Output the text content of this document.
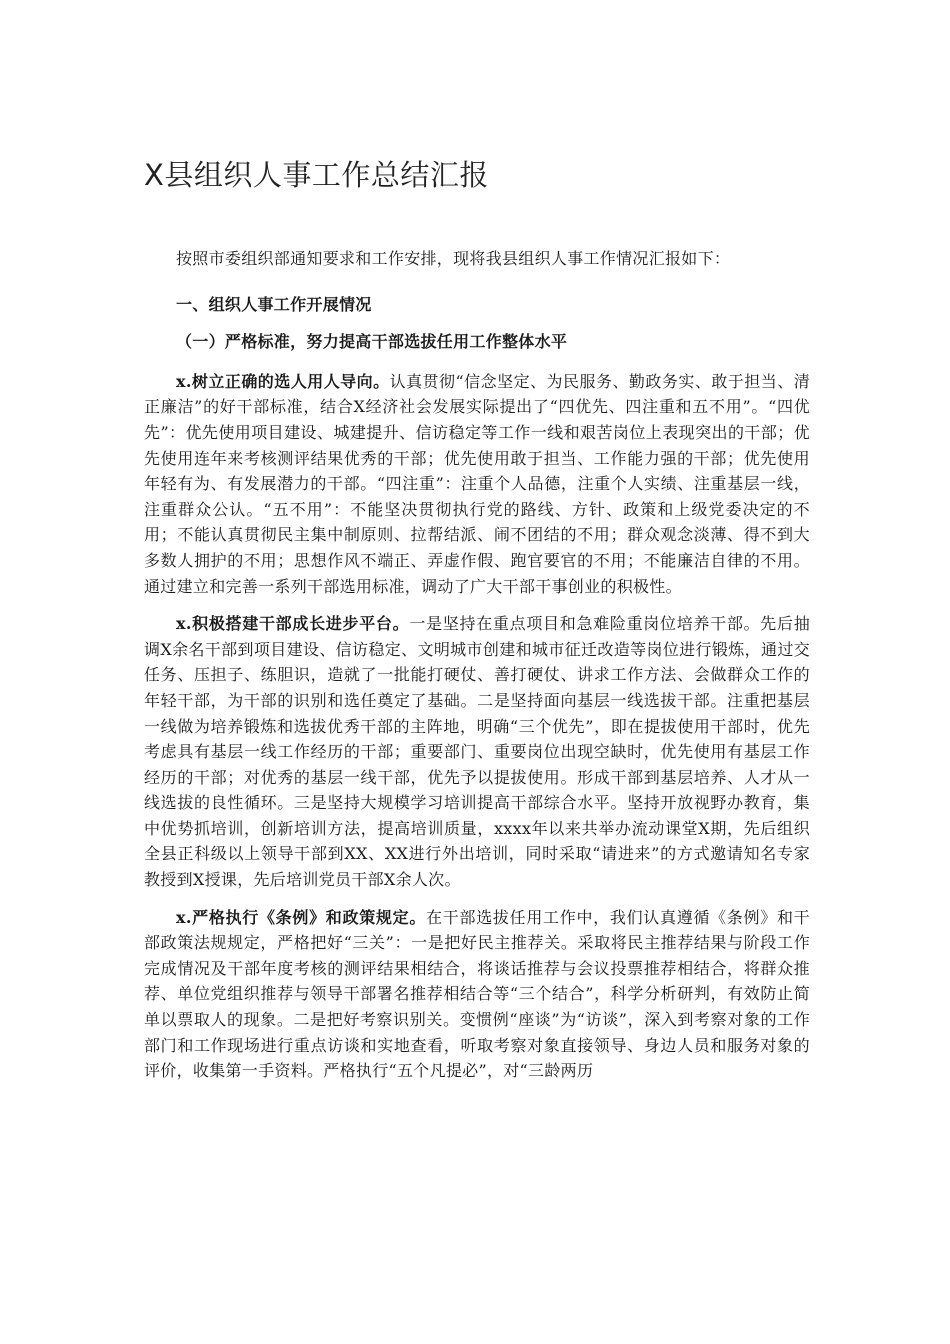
X县组织人事工作总结汇报

按照市委组织部通知要求和工作安排，现将我县组织人事工作情况汇报如下：

一、组织人事工作开展情况
（一）严格标准，努力提高干部选拔任用工作整体水平

x.树立正确的选人用人导向。认真贯彻“信念坚定、为民服务、勤政务实、敢于担当、清正廉洁”的好干部标准，结合X经济社会发展实际提出了“四优先、四注重和五不用”。“四优先”：优先使用项目建设、城建提升、信访稳定等工作一线和艰苦岗位上表现突出的干部；优先使用连年来考核测评结果优秀的干部；优先使用敢于担当、工作能力强的干部；优先使用年轻有为、有发展潜力的干部。“四注重”：注重个人品德，注重个人实绩、注重基层一线，注重群众公认。“五不用”：不能坚决贯彻执行党的路线、方针、政策和上级党委决定的不用；不能认真贯彻民主集中制原则、拉帮结派、闹不团结的不用；群众观念淡薄、得不到大多数人拥护的不用；思想作风不端正、弄虚作假、跑官要官的不用；不能廉洁自律的不用。通过建立和完善一系列干部选用标准，调动了广大干部干事创业的积极性。

x.积极搭建干部成长进步平台。一是坚持在重点项目和急难险重岗位培养干部。先后抽调X余名干部到项目建设、信访稳定、文明城市创建和城市征迁改造等岗位进行锻炼，通过交任务、压担子、练胆识，造就了一批能打硬仗、善打硬仗、讲求工作方法、会做群众工作的年轻干部，为干部的识别和选任奠定了基础。二是坚持面向基层一线选拔干部。注重把基层一线做为培养锻炼和选拔优秀干部的主阵地，明确“三个优先”，即在提拔使用干部时，优先考虑具有基层一线工作经历的干部；重要部门、重要岗位出现空缺时，优先使用有基层工作经历的干部；对优秀的基层一线干部，优先予以提拔使用。形成干部到基层培养、人才从一线选拔的良性循环。三是坚持大规模学习培训提高干部综合水平。坚持开放视野办教育，集中优势抓培训，创新培训方法，提高培训质量，xxxx年以来共举办流动课堂X期，先后组织全县正科级以上领导干部到XX、XX进行外出培训，同时采取“请进来”的方式邀请知名专家教授到X授课，先后培训党员干部X余人次。

x.严格执行《条例》和政策规定。在干部选拔任用工作中，我们认真遵循《条例》和干部政策法规规定，严格把好“三关”：一是把好民主推荐关。采取将民主推荐结果与阶段工作完成情况及干部年度考核的测评结果相结合，将谈话推荐与会议投票推荐相结合，将群众推荐、单位党组织推荐与领导干部署名推荐相结合等“三个结合”，科学分析研判，有效防止简单以票取人的现象。二是把好考察识别关。变惯例“座谈”为“访谈”，深入到考察对象的工作部门和工作现场进行重点访谈和实地查看，听取考察对象直接领导、身边人员和服务对象的评价，收集第一手资料。严格执行“五个凡提必”，对“三龄两历
